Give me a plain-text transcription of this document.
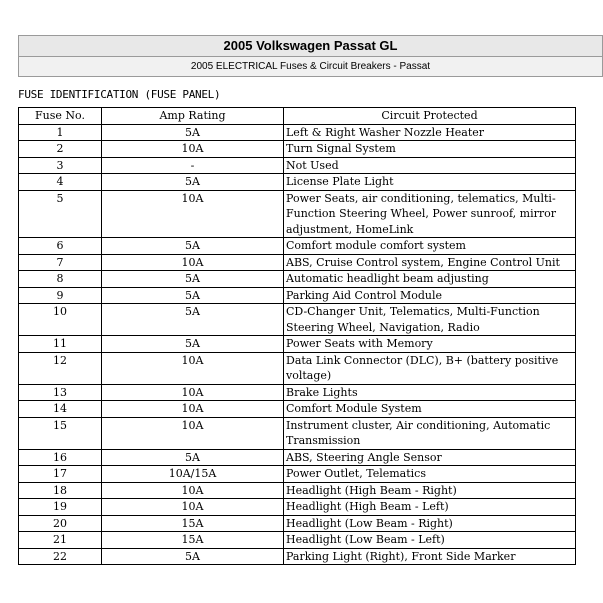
2005 Volkswagen Passat GL
2005 ELECTRICAL Fuses & Circuit Breakers - Passat
FUSE IDENTIFICATION (FUSE PANEL)
Fuse No.	Amp Rating	Circuit Protected
1	5A	Left & Right Washer Nozzle Heater
2	10A	Turn Signal System
3	-	Not Used
4	5A	License Plate Light
5	10A	Power Seats, air conditioning, telematics, Multi-Function Steering Wheel, Power sunroof, mirror adjustment, HomeLink
6	5A	Comfort module comfort system
7	10A	ABS, Cruise Control system, Engine Control Unit
8	5A	Automatic headlight beam adjusting
9	5A	Parking Aid Control Module
10	5A	CD-Changer Unit, Telematics, Multi-Function Steering Wheel, Navigation, Radio
11	5A	Power Seats with Memory
12	10A	Data Link Connector (DLC), B+ (battery positive voltage)
13	10A	Brake Lights
14	10A	Comfort Module System
15	10A	Instrument cluster, Air conditioning, Automatic Transmission
16	5A	ABS, Steering Angle Sensor
17	10A/15A	Power Outlet, Telematics
18	10A	Headlight (High Beam - Right)
19	10A	Headlight (High Beam - Left)
20	15A	Headlight (Low Beam - Right)
21	15A	Headlight (Low Beam - Left)
22	5A	Parking Light (Right), Front Side Marker
